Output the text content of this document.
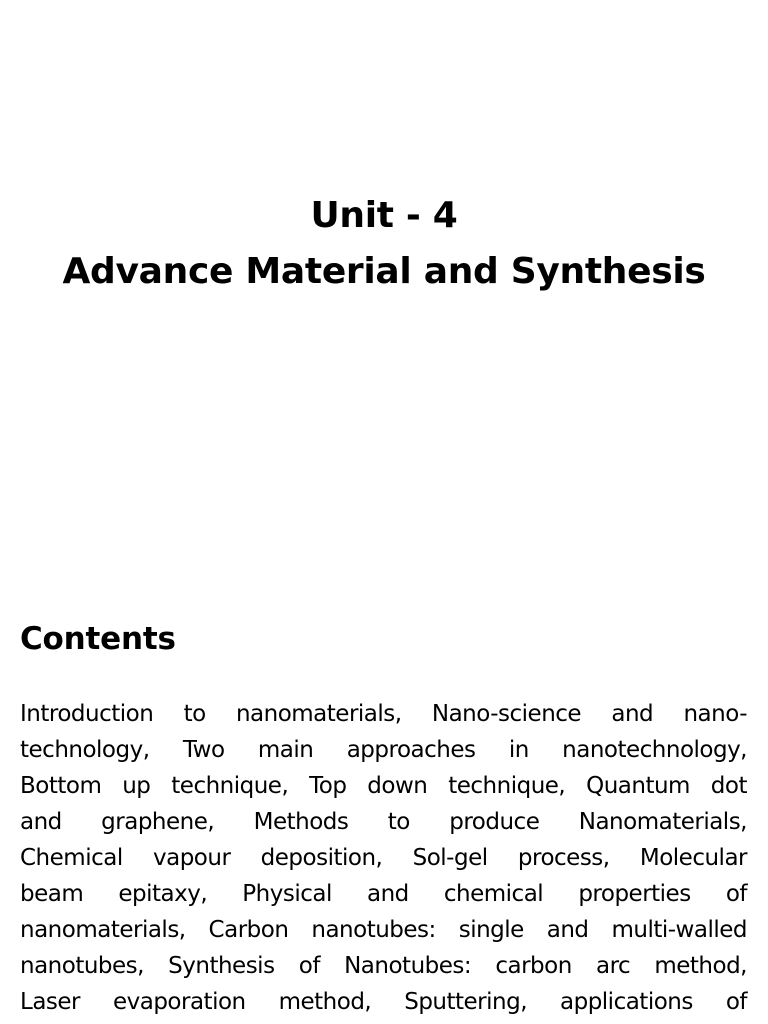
Unit - 4
Advance Material and Synthesis
Contents
Introduction to nanomaterials, Nano-science and nano-
technology, Two main approaches in nanotechnology,
Bottom up technique, Top down technique, Quantum dot
and graphene, Methods to produce Nanomaterials,
Chemical vapour deposition, Sol-gel process, Molecular
beam epitaxy, Physical and chemical properties of
nanomaterials, Carbon nanotubes: single and multi-walled
nanotubes, Synthesis of Nanotubes: carbon arc method,
Laser evaporation method, Sputtering, applications of
